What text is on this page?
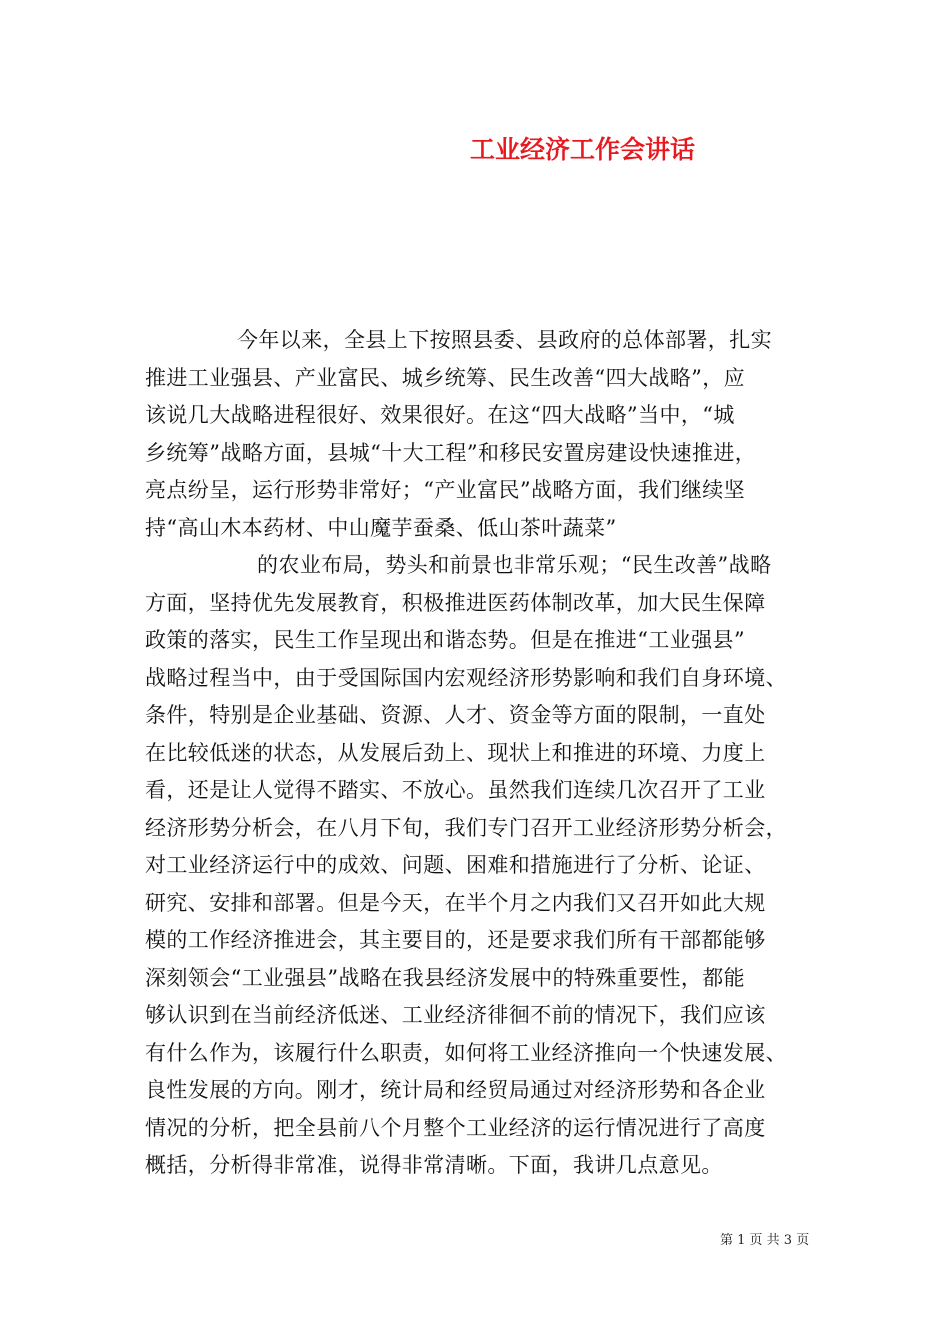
工业经济工作会讲话
今年以来，全县上下按照县委、县政府的总体部署，扎实
推进工业强县、产业富民、城乡统筹、民生改善“四大战略”，应
该说几大战略进程很好、效果很好。在这“四大战略”当中，“城
乡统筹”战略方面，县城“十大工程”和移民安置房建设快速推进，
亮点纷呈，运行形势非常好；“产业富民”战略方面，我们继续坚
持“高山木本药材、中山魔芋蚕桑、低山茶叶蔬菜”
的农业布局，势头和前景也非常乐观；“民生改善”战略
方面，坚持优先发展教育，积极推进医药体制改革，加大民生保障
政策的落实，民生工作呈现出和谐态势。但是在推进“工业强县”
战略过程当中，由于受国际国内宏观经济形势影响和我们自身环境、
条件，特别是企业基础、资源、人才、资金等方面的限制，一直处
在比较低迷的状态，从发展后劲上、现状上和推进的环境、力度上
看，还是让人觉得不踏实、不放心。虽然我们连续几次召开了工业
经济形势分析会，在八月下旬，我们专门召开工业经济形势分析会，
对工业经济运行中的成效、问题、困难和措施进行了分析、论证、
研究、安排和部署。但是今天，在半个月之内我们又召开如此大规
模的工作经济推进会，其主要目的，还是要求我们所有干部都能够
深刻领会“工业强县”战略在我县经济发展中的特殊重要性，都能
够认识到在当前经济低迷、工业经济徘徊不前的情况下，我们应该
有什么作为，该履行什么职责，如何将工业经济推向一个快速发展、
良性发展的方向。刚才，统计局和经贸局通过对经济形势和各企业
情况的分析，把全县前八个月整个工业经济的运行情况进行了高度
概括，分析得非常准，说得非常清晰。下面，我讲几点意见。
第 1 页 共 3 页
